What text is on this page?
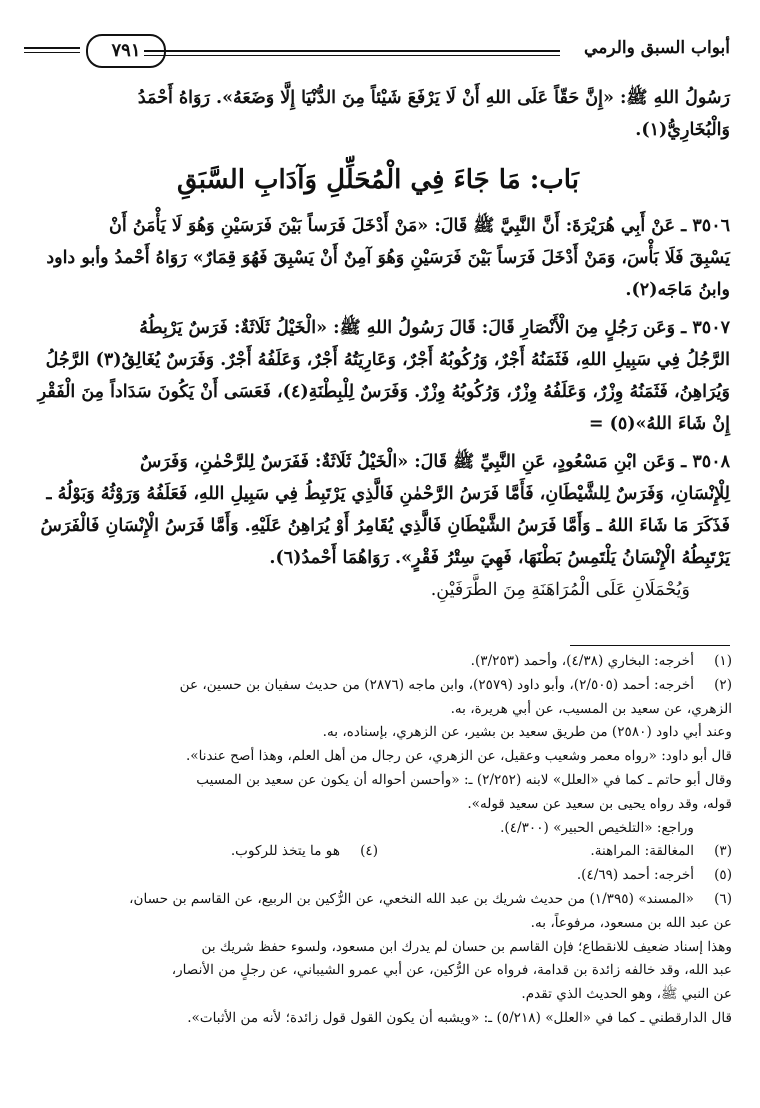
أبواب السبق والرمي
٧٩١

رَسُولُ اللهِ ﷺ: «إِنَّ حَقّاً عَلَى اللهِ أَنْ لَا يَرْفَعَ شَيْئاً مِنَ الدُّنْيَا إِلَّا وَضَعَهُ». رَوَاهُ أَحْمَدُ

وَالْبُخَارِيُّ(١).

بَاب: مَا جَاءَ فِي الْمُحَلِّلِ وَآدَابِ السَّبَقِ

٣٥٠٦ ـ عَنْ أَبِي هُرَيْرَةَ: أَنَّ النَّبِيَّ ﷺ قَالَ: «مَنْ أَدْخَلَ فَرَساً بَيْنَ فَرَسَيْنِ وَهُوَ لَا يَأْمَنُ أَنْ

يَسْبِقَ فَلَا بَأْسَ، وَمَنْ أَدْخَلَ فَرَساً بَيْنَ فَرَسَيْنِ وَهُوَ آمِنٌ أَنْ يَسْبِقَ فَهُوَ قِمَارٌ» رَوَاهُ أَحْمدُ وأبو داود

وابنُ مَاجَه(٢).

٣٥٠٧ ـ وَعَن رَجُلٍ مِنَ الْأَنْصَارِ قَالَ: قَالَ رَسُولُ اللهِ ﷺ: «الْخَيْلُ ثَلَاثَةٌ: فَرَسٌ يَرْبِطُهُ

الرَّجُلُ فِي سَبِيلِ اللهِ، فَثَمَنُهُ أَجْرٌ، وَرُكُوبُهُ أَجْرٌ، وَعَارِيَتُهُ أَجْرٌ، وَعَلَفُهُ أَجْرٌ. وَفَرَسٌ يُغَالِقُ(٣) الرَّجُلُ

وَيُرَاهِنُ، فَثَمَنُهُ وِزْرٌ، وَعَلَفُهُ وِزْرٌ، وَرُكُوبُهُ وِزْرٌ. وَفَرَسٌ لِلْبِطْنَةِ(٤)، فَعَسَى أَنْ يَكُونَ سَدَاداً مِنَ الْفَقْرِ

إِنْ شَاءَ اللهُ»(٥) =

٣٥٠٨ ـ وَعَن ابْنِ مَسْعُودٍ، عَنِ النَّبِيِّ ﷺ قَالَ: «الْخَيْلُ ثَلَاثَةٌ: فَفَرَسٌ لِلرَّحْمٰنِ، وَفَرَسٌ

لِلْإِنْسَانِ، وَفَرَسٌ لِلشَّيْطَانِ، فَأَمَّا فَرَسُ الرَّحْمٰنِ فَالَّذِي يَرْتَبِطُ فِي سَبِيلِ اللهِ، فَعَلَفُهُ وَرَوْثُهُ وَبَوْلُهُ ـ

فَذَكَرَ مَا شَاءَ اللهُ ـ وَأَمَّا فَرَسُ الشَّيْطَانِ فَالَّذِي يُقَامِرُ أَوْ يُرَاهِنُ عَلَيْهِ. وَأَمَّا فَرَسُ الْإِنْسَانِ فَالْفَرَسُ

يَرْتَبِطُهُ الْإِنْسَانُ يَلْتَمِسُ بَطْنَهَا، فَهِيَ سِتْرُ فَقْرٍ». رَوَاهُمَا أَحْمدُ(٦).

وَيُحْمَلَانِ عَلَى الْمُرَاهَنَةِ مِنَ الطَّرَفَيْنِ.

(١)
أخرجه: البخاري (٤/٣٨)، وأحمد (٣/٢٥٣).
(٢)
أخرجه: أحمد (٢/٥٠٥)، وأبو داود (٢٥٧٩)، وابن ماجه (٢٨٧٦) من حديث سفيان بن حسين، عن
الزهري، عن سعيد بن المسيب، عن أبي هريرة، به.
وعند أبي داود (٢٥٨٠) من طريق سعيد بن بشير، عن الزهري، بإسناده، به.
قال أبو داود: «رواه معمر وشعيب وعقيل، عن الزهري، عن رجال من أهل العلم، وهذا أصح عندنا».
وقال أبو حاتم ـ كما في «العلل» لابنه (٢/٢٥٢) ـ: «وأحسن أحواله أن يكون عن سعيد بن المسيب
قوله، وقد رواه يحيى بن سعيد عن سعيد قوله».
وراجع: «التلخيص الحبير» (٤/٣٠٠).
(٣)
المغالقة: المراهنة.
(٤)
هو ما يتخذ للركوب.
(٥)
أخرجه: أحمد (٤/٦٩).
(٦)
«المسند» (١/٣٩٥) من حديث شريك بن عبد الله النخعي، عن الرُّكين بن الربيع، عن القاسم بن حسان،
عن عبد الله بن مسعود، مرفوعاً، به.
وهذا إسناد ضعيف للانقطاع؛ فإن القاسم بن حسان لم يدرك ابن مسعود، ولسوء حفظ شريك بن
عبد الله، وقد خالفه زائدة بن قدامة، فرواه عن الرُّكين، عن أبي عمرو الشيباني، عن رجلٍ من الأنصار،
عن النبي ﷺ، وهو الحديث الذي تقدم.
قال الدارقطني ـ كما في «العلل» (٥/٢١٨) ـ: «ويشبه أن يكون القول قول زائدة؛ لأنه من الأثبات».
